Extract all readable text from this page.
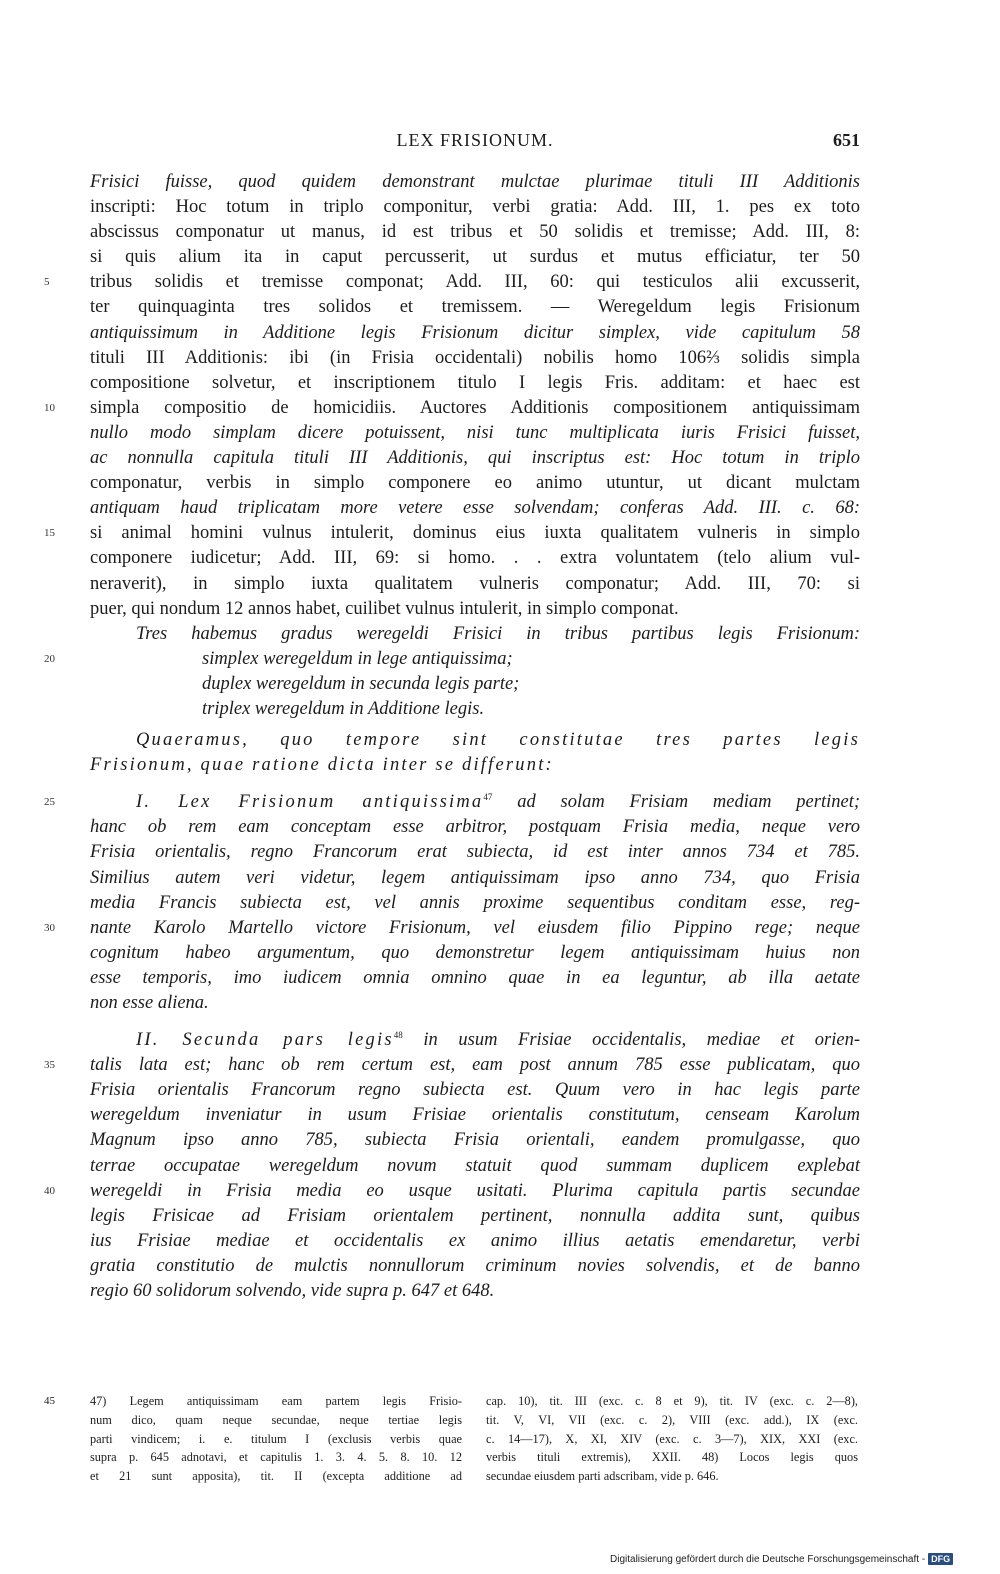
LEX FRISIONUM.	651
Frisici fuisse, quod quidem demonstrant mulctae plurimae tituli III Additionis
inscripti: Hoc totum in triplo componitur, verbi gratia: Add. III, 1. pes ex toto
abscissus componatur ut manus, id est tribus et 50 solidis et tremisse; Add. III, 8:
si quis alium ita in caput percusserit, ut surdus et mutus efficiatur, ter 50
5	tribus solidis et tremisse componat; Add. III, 60: qui testiculos alii excusserit,
ter quinquaginta tres solidos et tremissem. — Weregeldum legis Frisionum
antiquissimum in Additione legis Frisionum dicitur simplex, vide capitulum 58
tituli III Additionis: ibi (in Frisia occidentali) nobilis homo 106⅔ solidis simpla
compositione solvetur, et inscriptionem titulo I legis Fris. additam: et haec est
10	simpla compositio de homicidiis. Auctores Additionis compositionem antiquissimam
nullo modo simplam dicere potuissent, nisi tunc multiplicata iuris Frisici fuisset,
ac nonnulla capitula tituli III Additionis, qui inscriptus est: Hoc totum in triplo
componatur, verbis in simplo componere eo animo utuntur, ut dicant mulctam
antiquam haud triplicatam more vetere esse solvendam; conferas Add. III. c. 68:
15	si animal homini vulnus intulerit, dominus eius iuxta qualitatem vulneris in simplo
componere iudicetur; Add. III, 69: si homo. . . extra voluntatem (telo alium vul-
neraverit), in simplo iuxta qualitatem vulneris componatur; Add. III, 70: si
puer, qui nondum 12 annos habet, cuilibet vulnus intulerit, in simplo componat.
Tres habemus gradus weregeldi Frisici in tribus partibus legis Frisionum:
20	simplex weregeldum in lege antiquissima;
duplex weregeldum in secunda legis parte;
triplex weregeldum in Additione legis.
Quaeramus, quo tempore sint constitutae tres partes legis
Frisionum, quae ratione dicta inter se differunt:
25	I. Lex Frisionum antiquissima$^{47}$ ad solam Frisiam mediam pertinet;
hanc ob rem eam conceptam esse arbitror, postquam Frisia media, neque vero
Frisia orientalis, regno Francorum erat subiecta, id est inter annos 734 et 785.
Similius autem veri videtur, legem antiquissimam ipso anno 734, quo Frisia
media Francis subiecta est, vel annis proxime sequentibus conditam esse, reg-
30	nante Karolo Martello victore Frisionum, vel eiusdem filio Pippino rege; neque
cognitum habeo argumentum, quo demonstretur legem antiquissimam huius non
esse temporis, imo iudicem omnia omnino quae in ea leguntur, ab illa aetate
non esse aliena.
II. Secunda pars legis$^{48}$ in usum Frisiae occidentalis, mediae et orien-
35	talis lata est; hanc ob rem certum est, eam post annum 785 esse publicatam, quo
Frisia orientalis Francorum regno subiecta est. Quum vero in hac legis parte
weregeldum inveniatur in usum Frisiae orientalis constitutum, censeam Karolum
Magnum ipso anno 785, subiecta Frisia orientali, eandem promulgasse, quo
terrae occupatae weregeldum novum statuit quod summam duplicem explebat
40	weregeldi in Frisia media eo usque usitati. Plurima capitula partis secundae
legis Frisicae ad Frisiam orientalem pertinent, nonnulla addita sunt, quibus
ius Frisiae mediae et occidentalis ex animo illius aetatis emendaretur, verbi
gratia constitutio de mulctis nonnullorum criminum novies solvendis, et de banno
regio 60 solidorum solvendo, vide supra p. 647 et 648.
45	47) Legem antiquissimam eam partem legis Frisio-
num dico, quam neque secundae, neque tertiae legis
parti vindicem; i. e. titulum I (exclusis verbis quae
supra p. 645 adnotavi, et capitulis 1. 3. 4. 5. 8. 10. 12
et 21 sunt apposita), tit. II (excepta additione ad
cap. 10), tit. III (exc. c. 8 et 9), tit. IV (exc. c. 2—8),
tit. V, VI, VII (exc. c. 2), VIII (exc. add.), IX (exc.
c. 14—17), X, XI, XIV (exc. c. 3—7), XIX, XXI (exc.
verbis tituli extremis), XXII. 48) Locos legis quos
secundae eiusdem parti adscribam, vide p. 646.
Digitalisierung gefördert durch die Deutsche Forschungsgemeinschaft - DFG
